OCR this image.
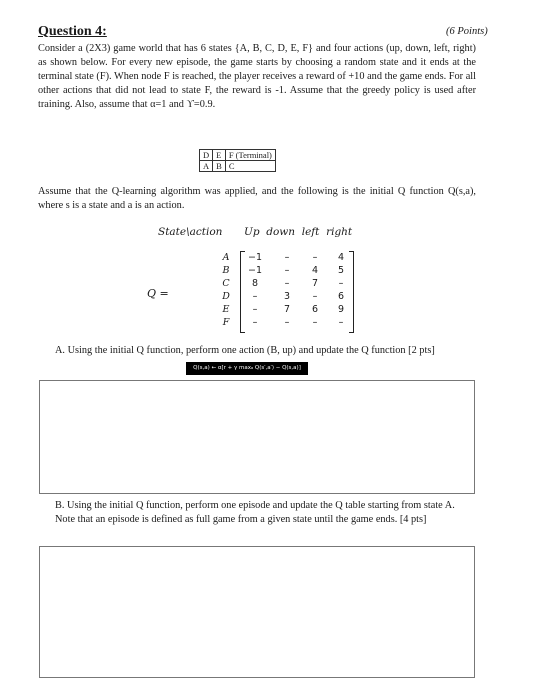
Question 4:	(6 Points)
Consider a (2X3) game world that has 6 states {A, B, C, D, E, F} and four actions (up, down, left, right) as shown below. For every new episode, the game starts by choosing a random state and it ends at the terminal state (F). When node F is reached, the player receives a reward of +10 and the game ends. For all other actions that did not lead to state F, the reward is -1. Assume that the greedy policy is used after training. Also, assume that α=1 and ϒ=0.9.
D	E	F (Terminal)
A	B	C
Assume that the Q-learning algorithm was applied, and the following is the initial Q function Q(s,a), where s is a state and a is an action.
State\action Up  down  left  right
Q =
A	−1	–	–	4
B	−1	–	4	5
C	8	–	7	–
D	–	3	–	6
E	–	7	6	9
F	–	–	–	–
A. Using the initial Q function, perform one action (B, up) and update the Q function [2 pts]
Q(s,a) ← α[r + γ maxₐ Q(s′,a′) − Q(s,a)]
B. Using the initial Q function, perform one episode and update the Q table starting from state A. Note that an episode is defined as full game from a given state until the game ends. [4 pts]
